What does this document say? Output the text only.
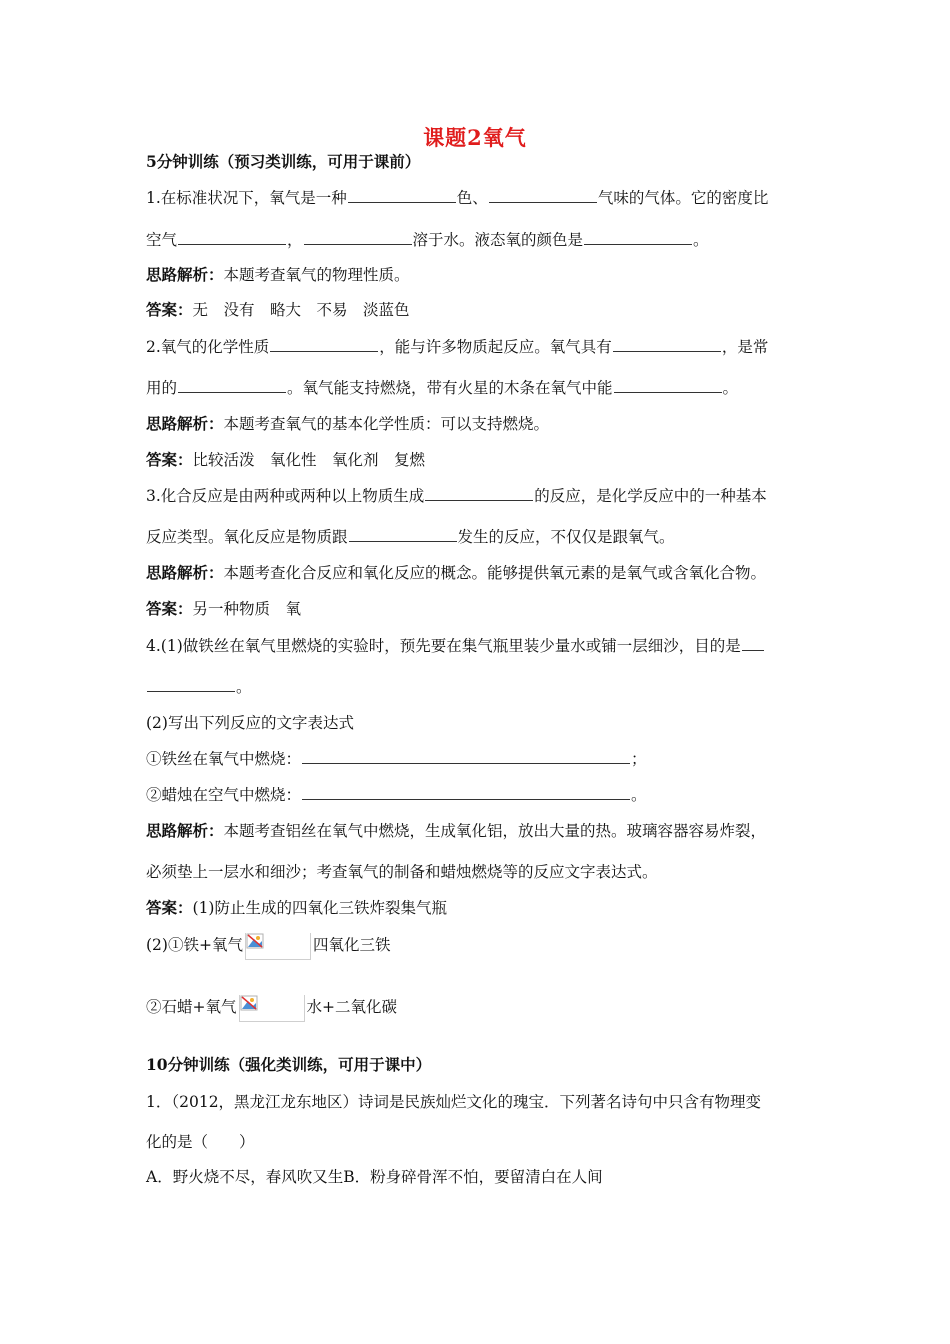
课题2氧气
5分钟训练（预习类训练，可用于课前）
1.在标准状况下，氧气是一种	色、	气味的气体。它的密度比
空气	，	溶于水。液态氧的颜色是	。
思路解析：本题考查氧气的物理性质。
答案：无　没有　略大　不易　淡蓝色
2.氧气的化学性质	，能与许多物质起反应。氧气具有	，是常
用的	。氧气能支持燃烧，带有火星的木条在氧气中能	。
思路解析：本题考查氧气的基本化学性质：可以支持燃烧。
答案：比较活泼　氧化性　氧化剂　复燃
3.化合反应是由两种或两种以上物质生成	的反应，是化学反应中的一种基本
反应类型。氧化反应是物质跟	发生的反应，不仅仅是跟氧气。
思路解析：本题考查化合反应和氧化反应的概念。能够提供氧元素的是氧气或含氧化合物。
答案：另一种物质　氧
4.(1)做铁丝在氧气里燃烧的实验时，预先要在集气瓶里装少量水或铺一层细沙，目的是
。
(2)写出下列反应的文字表达式
①铁丝在氧气中燃烧：	；
②蜡烛在空气中燃烧：	。
思路解析：本题考查铝丝在氧气中燃烧，生成氧化铝，放出大量的热。玻璃容器容易炸裂，
必须垫上一层水和细沙；考查氧气的制备和蜡烛燃烧等的反应文字表达式。
答案：(1)防止生成的四氧化三铁炸裂集气瓶
(2)①铁+氧气	四氧化三铁
②石蜡+氧气	水+二氧化碳
10分钟训练（强化类训练，可用于课中）
1．（2012，黑龙江龙东地区）诗词是民族灿烂文化的瑰宝．下列著名诗句中只含有物理变
化的是（　　）
A．野火烧不尽，春风吹又生B．粉身碎骨浑不怕，要留清白在人间
